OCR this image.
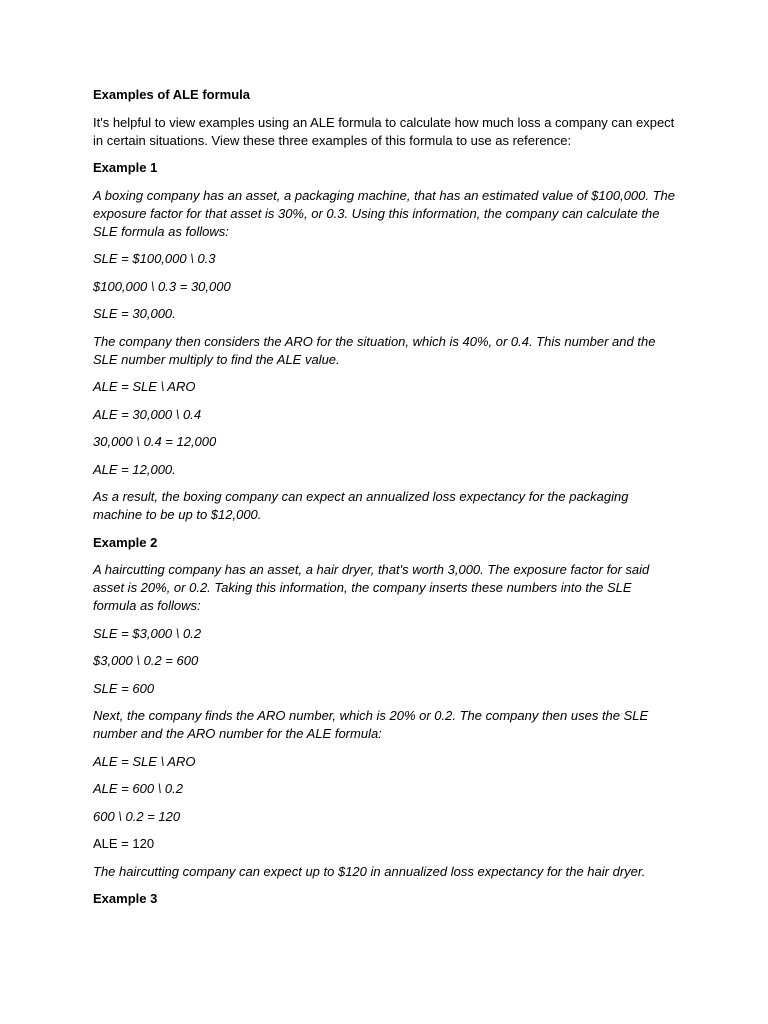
Examples of ALE formula

It's helpful to view examples using an ALE formula to calculate how much loss a company can expect in certain situations. View these three examples of this formula to use as reference:

Example 1

A boxing company has an asset, a packaging machine, that has an estimated value of $100,000. The exposure factor for that asset is 30%, or 0.3. Using this information, the company can calculate the SLE formula as follows:

SLE = $100,000 \ 0.3

$100,000 \ 0.3 = 30,000

SLE = 30,000.

The company then considers the ARO for the situation, which is 40%, or 0.4. This number and the SLE number multiply to find the ALE value.

ALE = SLE \ ARO

ALE = 30,000 \ 0.4

30,000 \ 0.4 = 12,000

ALE = 12,000.

As a result, the boxing company can expect an annualized loss expectancy for the packaging machine to be up to $12,000.

Example 2

A haircutting company has an asset, a hair dryer, that's worth 3,000. The exposure factor for said asset is 20%, or 0.2. Taking this information, the company inserts these numbers into the SLE formula as follows:

SLE = $3,000 \ 0.2

$3,000 \ 0.2 = 600

SLE = 600

Next, the company finds the ARO number, which is 20% or 0.2. The company then uses the SLE number and the ARO number for the ALE formula:

ALE = SLE \ ARO

ALE = 600 \ 0.2

600 \ 0.2 = 120

ALE = 120

The haircutting company can expect up to $120 in annualized loss expectancy for the hair dryer.

Example 3
